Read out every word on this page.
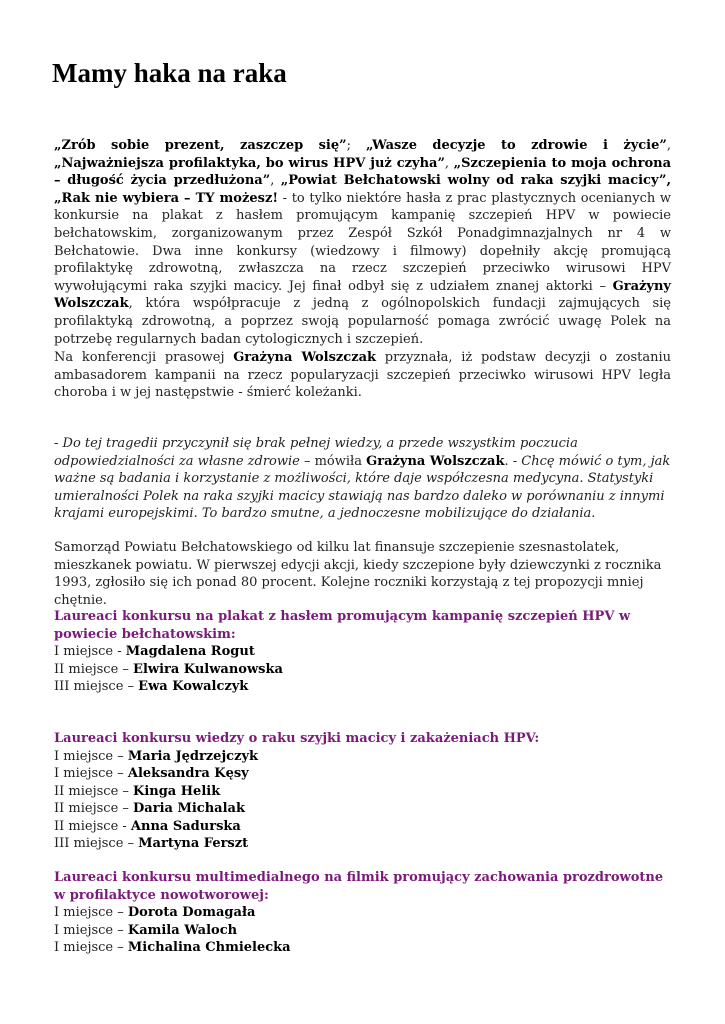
Mamy haka na raka

„Zrób sobie prezent, zaszczep się”; „Wasze decyzje to zdrowie i życie”, „Najważniejsza profilaktyka, bo wirus HPV już czyha”, „Szczepienia to moja ochrona – długość życia przedłużona”, „Powiat Bełchatowski wolny od raka szyjki macicy”, „Rak nie wybiera – TY możesz! - to tylko niektóre hasła z prac plastycznych ocenianych w konkursie na plakat z hasłem promującym kampanię szczepień HPV w powiecie bełchatowskim, zorganizowanym przez Zespół Szkół Ponadgimnazjalnych nr 4 w Bełchatowie. Dwa inne konkursy (wiedzowy i filmowy) dopełniły akcję promującą profilaktykę zdrowotną, zwłaszcza na rzecz szczepień przeciwko wirusowi HPV wywołującymi raka szyjki macicy. Jej finał odbył się z udziałem znanej aktorki – Grażyny Wolszczak, która współpracuje z jedną z ogólnopolskich fundacji zajmujących się profilaktyką zdrowotną, a poprzez swoją popularność pomaga zwrócić uwagę Polek na potrzebę regularnych badan cytologicznych i szczepień.

Na konferencji prasowej Grażyna Wolszczak przyznała, iż podstaw decyzji o zostaniu ambasadorem kampanii na rzecz popularyzacji szczepień przeciwko wirusowi HPV legła choroba i w jej następstwie - śmierć koleżanki.

- Do tej tragedii przyczynił się brak pełnej wiedzy, a przede wszystkim poczucia odpowiedzialności za własne zdrowie – mówiła Grażyna Wolszczak. - Chcę mówić o tym, jak ważne są badania i korzystanie z możliwości, które daje współczesna medycyna. Statystyki umieralności Polek na raka szyjki macicy stawiają nas bardzo daleko w porównaniu z innymi krajami europejskimi. To bardzo smutne, a jednoczesne mobilizujące do działania.

Samorząd Powiatu Bełchatowskiego od kilku lat finansuje szczepienie szesnastolatek, mieszkanek powiatu. W pierwszej edycji akcji, kiedy szczepione były dziewczynki z rocznika 1993, zgłosiło się ich ponad 80 procent. Kolejne roczniki korzystają z tej propozycji mniej chętnie.

Laureaci konkursu na plakat z hasłem promującym kampanię szczepień HPV w powiecie bełchatowskim:
I miejsce - Magdalena Rogut
II miejsce – Elwira Kulwanowska
III miejsce – Ewa Kowalczyk
Laureaci konkursu wiedzy o raku szyjki macicy i zakażeniach HPV:
I miejsce – Maria Jędrzejczyk
I miejsce – Aleksandra Kęsy
II miejsce – Kinga Helik
II miejsce – Daria Michalak
II miejsce - Anna Sadurska
III miejsce – Martyna Ferszt
Laureaci konkursu multimedialnego na filmik promujący zachowania prozdrowotne w profilaktyce nowotworowej:
I miejsce – Dorota Domagała
I miejsce – Kamila Waloch
I miejsce – Michalina Chmielecka
